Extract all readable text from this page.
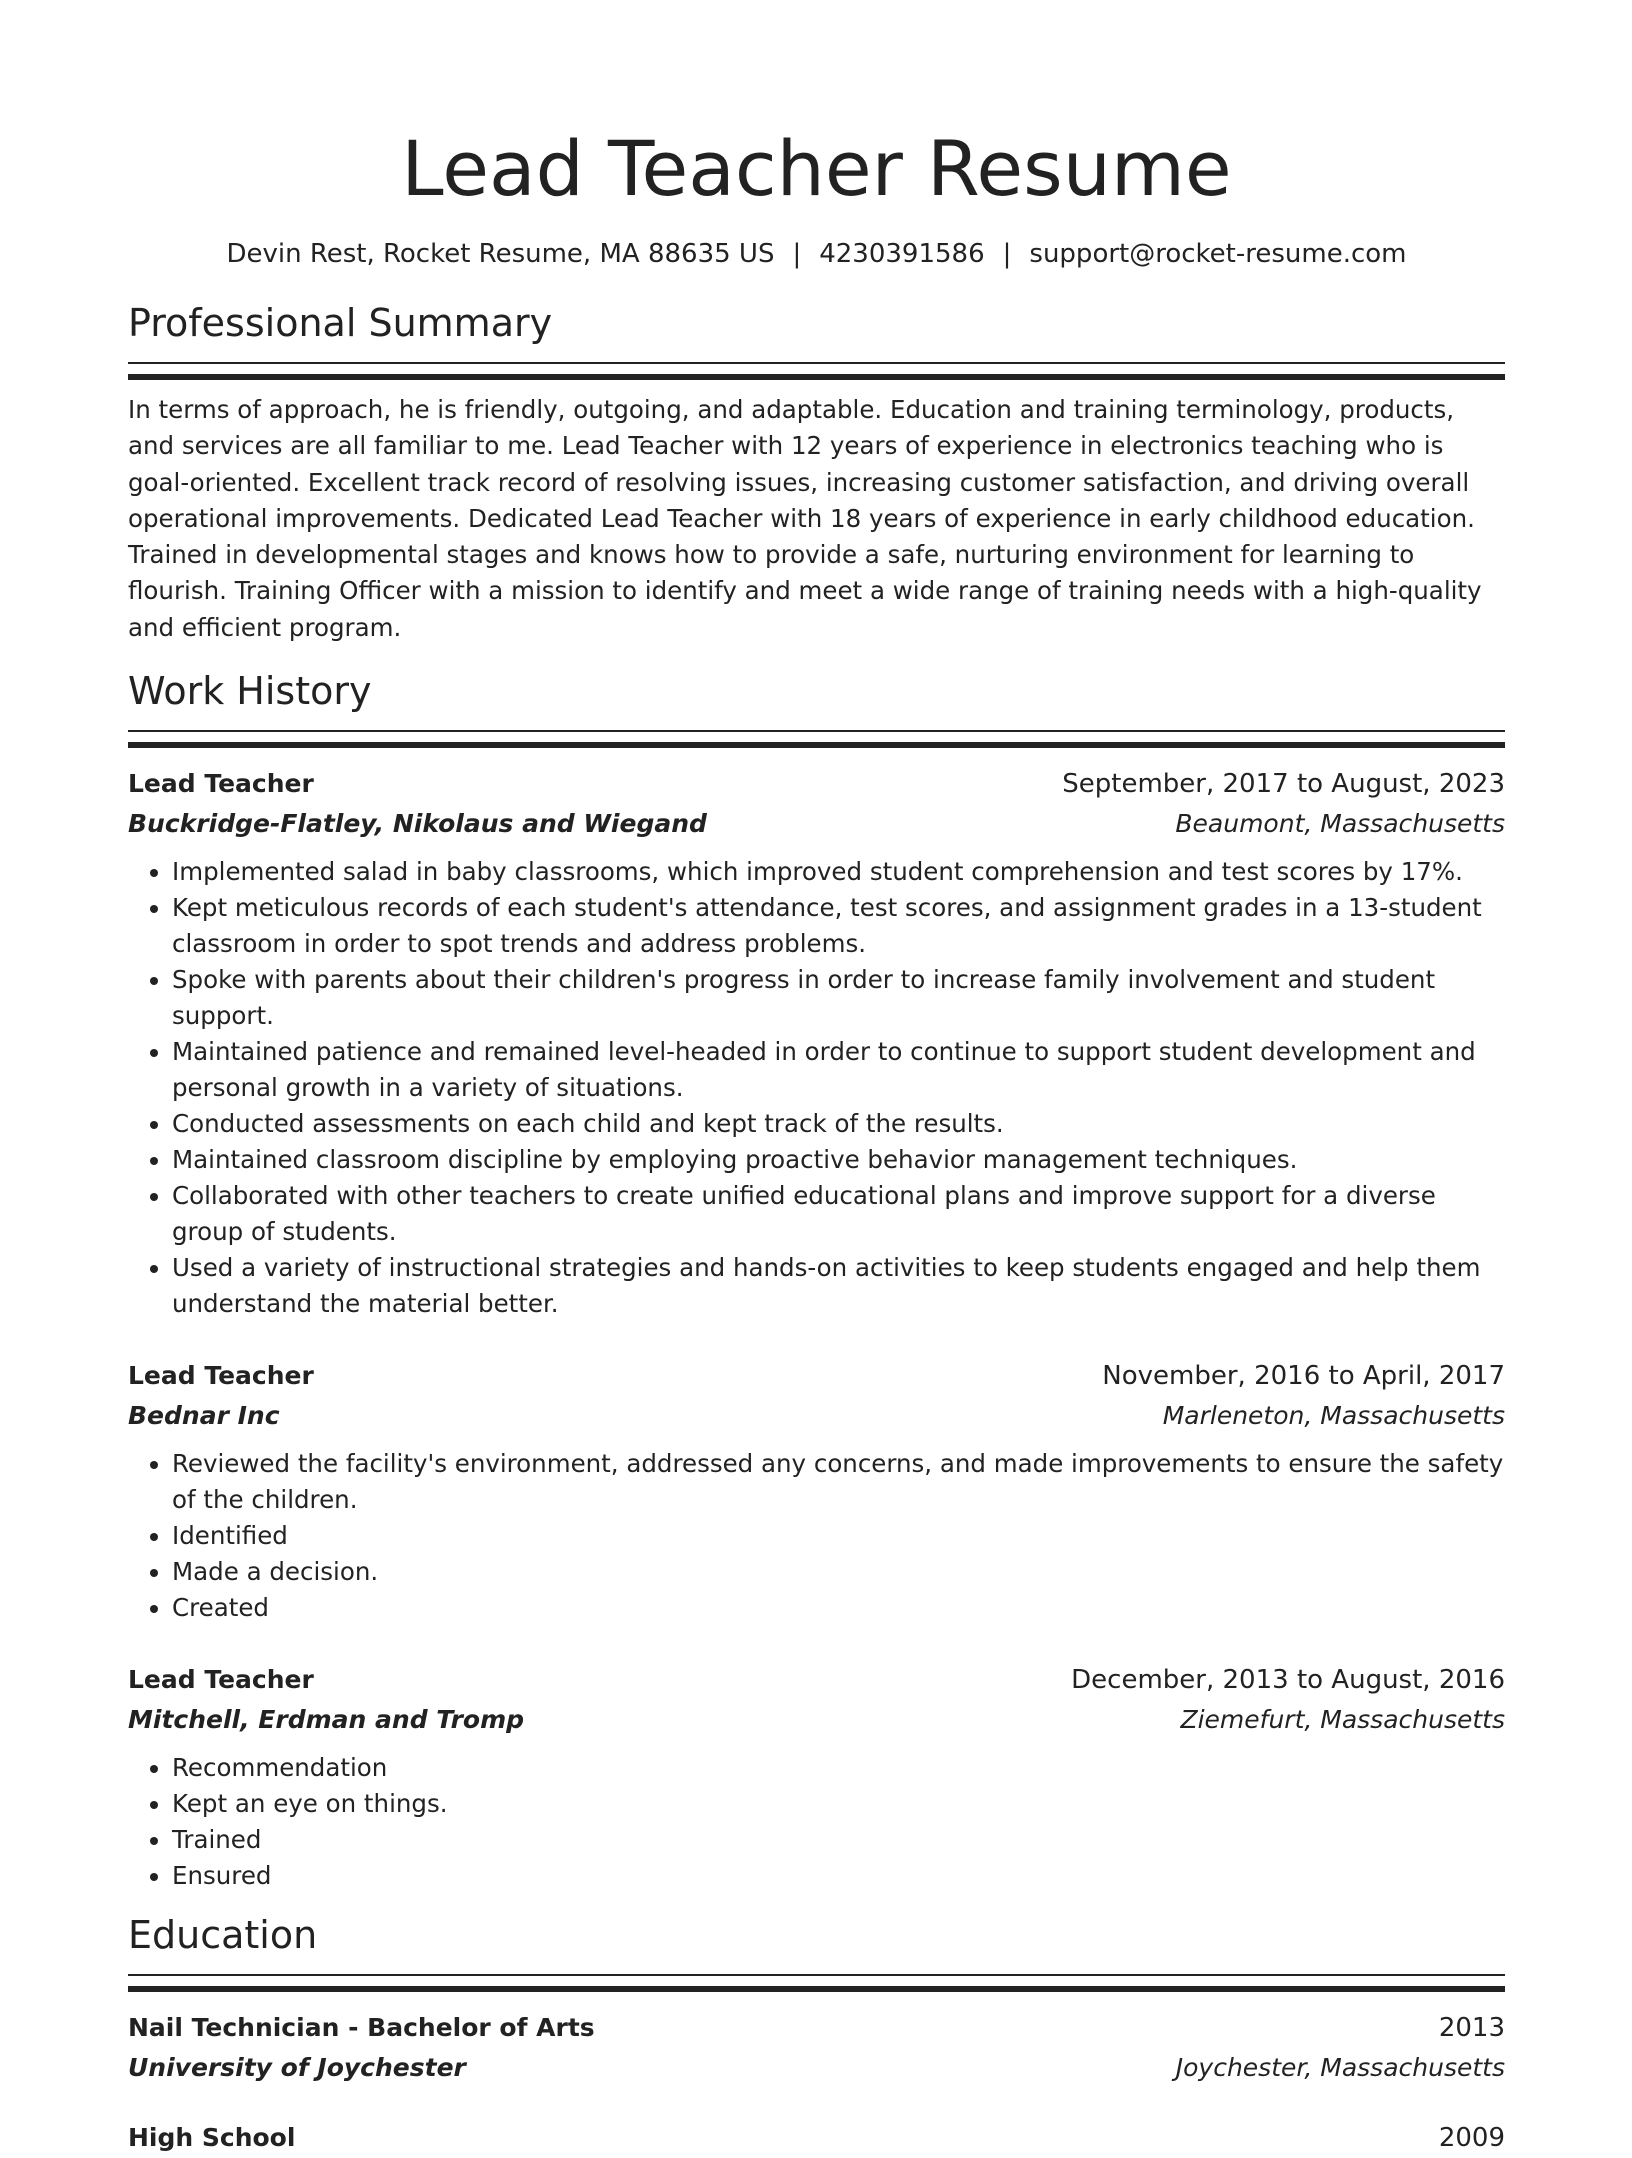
Lead Teacher Resume
Devin Rest, Rocket Resume, MA 88635 US | 4230391586 | support@rocket-resume.com
Professional Summary
In terms of approach, he is friendly, outgoing, and adaptable. Education and training terminology, products, and services are all familiar to me. Lead Teacher with 12 years of experience in electronics teaching who is goal-oriented. Excellent track record of resolving issues, increasing customer satisfaction, and driving overall operational improvements. Dedicated Lead Teacher with 18 years of experience in early childhood education. Trained in developmental stages and knows how to provide a safe, nurturing environment for learning to flourish. Training Officer with a mission to identify and meet a wide range of training needs with a high-quality and efficient program.
Work History
Lead Teacher	September, 2017 to August, 2023
Buckridge-Flatley, Nikolaus and Wiegand	Beaumont, Massachusetts
• Implemented salad in baby classrooms, which improved student comprehension and test scores by 17%.
• Kept meticulous records of each student's attendance, test scores, and assignment grades in a 13-student classroom in order to spot trends and address problems.
• Spoke with parents about their children's progress in order to increase family involvement and student support.
• Maintained patience and remained level-headed in order to continue to support student development and personal growth in a variety of situations.
• Conducted assessments on each child and kept track of the results.
• Maintained classroom discipline by employing proactive behavior management techniques.
• Collaborated with other teachers to create unified educational plans and improve support for a diverse group of students.
• Used a variety of instructional strategies and hands-on activities to keep students engaged and help them understand the material better.
Lead Teacher	November, 2016 to April, 2017
Bednar Inc	Marleneton, Massachusetts
• Reviewed the facility's environment, addressed any concerns, and made improvements to ensure the safety of the children.
• Identified
• Made a decision.
• Created
Lead Teacher	December, 2013 to August, 2016
Mitchell, Erdman and Tromp	Ziemefurt, Massachusetts
• Recommendation
• Kept an eye on things.
• Trained
• Ensured
Education
Nail Technician - Bachelor of Arts	2013
University of Joychester	Joychester, Massachusetts
High School	2009
